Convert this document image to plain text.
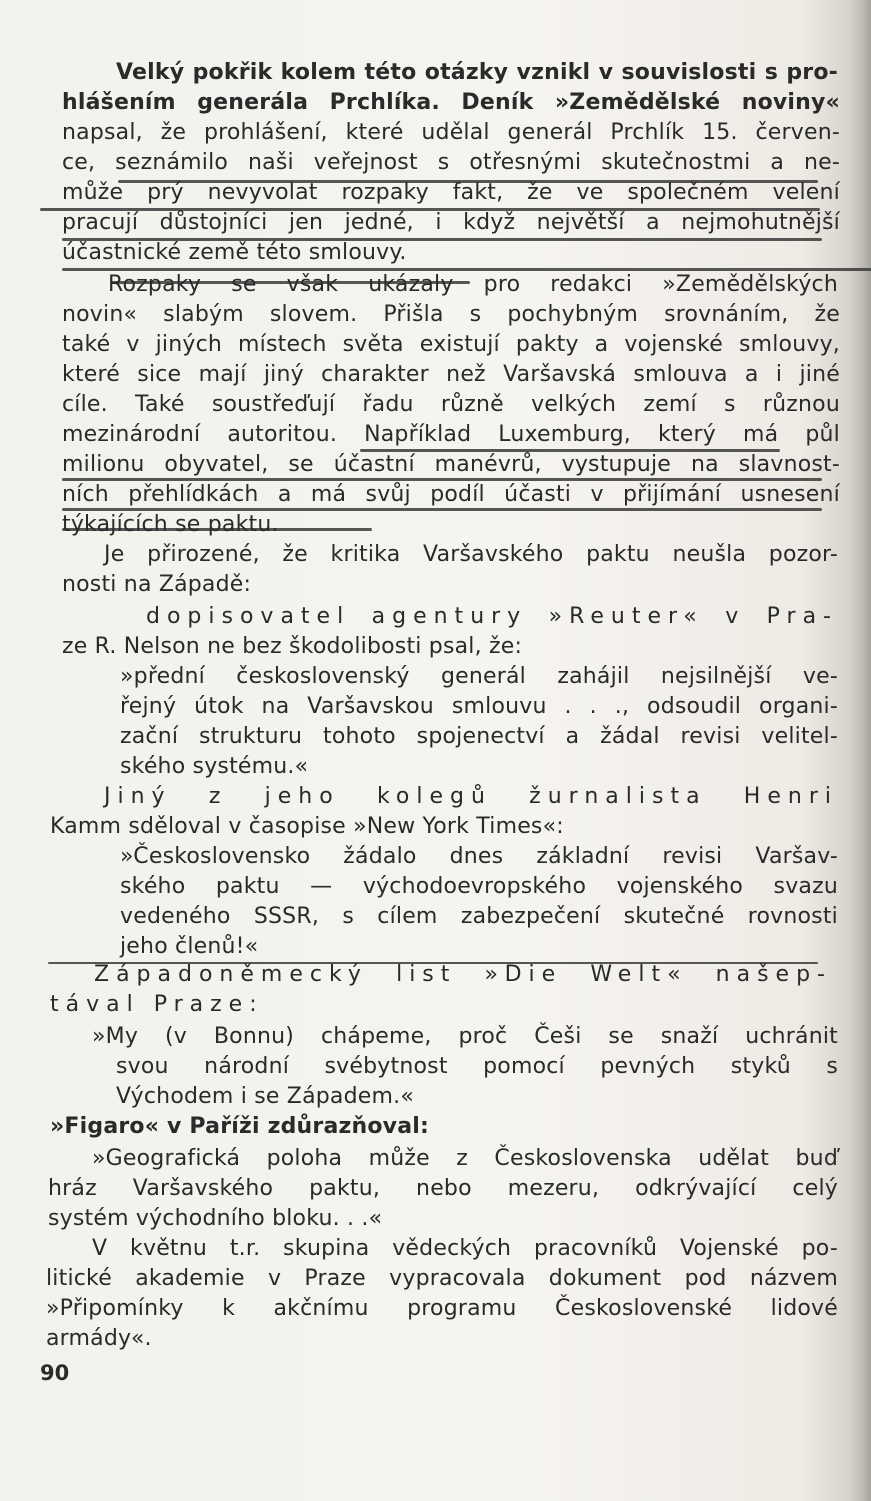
Velký pokřik kolem této otázky vznikl v souvislosti s pro-
hlášením generála Prchlíka. Deník »Zemědělské noviny«
napsal, že prohlášení, které udělal generál Prchlík 15. červen-
ce, seznámilo naši veřejnost s otřesnými skutečnostmi a ne-
může prý nevyvolat rozpaky fakt, že ve společném velení
pracují důstojníci jen jedné, i když největší a nejmohutnější
účastnické země této smlouvy.
Rozpaky se však ukázaly pro redakci »Zemědělských
novin« slabým slovem. Přišla s pochybným srovnáním, že
také v jiných místech světa existují pakty a vojenské smlouvy,
které sice mají jiný charakter než Varšavská smlouva a i jiné
cíle. Také soustřeďují řadu různě velkých zemí s různou
mezinárodní autoritou. Například Luxemburg, který má půl
milionu obyvatel, se účastní manévrů, vystupuje na slavnost-
ních přehlídkách a má svůj podíl účasti v přijímání usnesení
týkajících se paktu.
Je přirozené, že kritika Varšavského paktu neušla pozor-
nosti na Západě:
dopisovatel agentury »Reuter« v Pra-
ze R. Nelson ne bez škodolibosti psal, že:
»přední československý generál zahájil nejsilnější ve-
řejný útok na Varšavskou smlouvu . . ., odsoudil organi-
zační strukturu tohoto spojenectví a žádal revisi velitel-
ského systému.«
Jiný z jeho kolegů žurnalista Henri
Kamm sděloval v časopise »New York Times«:
»Československo žádalo dnes základní revisi Varšav-
ského paktu — východoevropského vojenského svazu
vedeného SSSR, s cílem zabezpečení skutečné rovnosti
jeho členů!«
Západoněmecký list »Die Welt« našep-
tával Praze:
»My (v Bonnu) chápeme, proč Češi se snaží uchránit
svou národní svébytnost pomocí pevných styků s
Východem i se Západem.«
»Figaro« v Paříži zdůrazňoval:
»Geografická poloha může z Československa udělat buď
hráz Varšavského paktu, nebo mezeru, odkrývající celý
systém východního bloku. . .«
V květnu t.r. skupina vědeckých pracovníků Vojenské po-
litické akademie v Praze vypracovala dokument pod názvem
»Připomínky k akčnímu programu Československé lidové
armády«.
90
